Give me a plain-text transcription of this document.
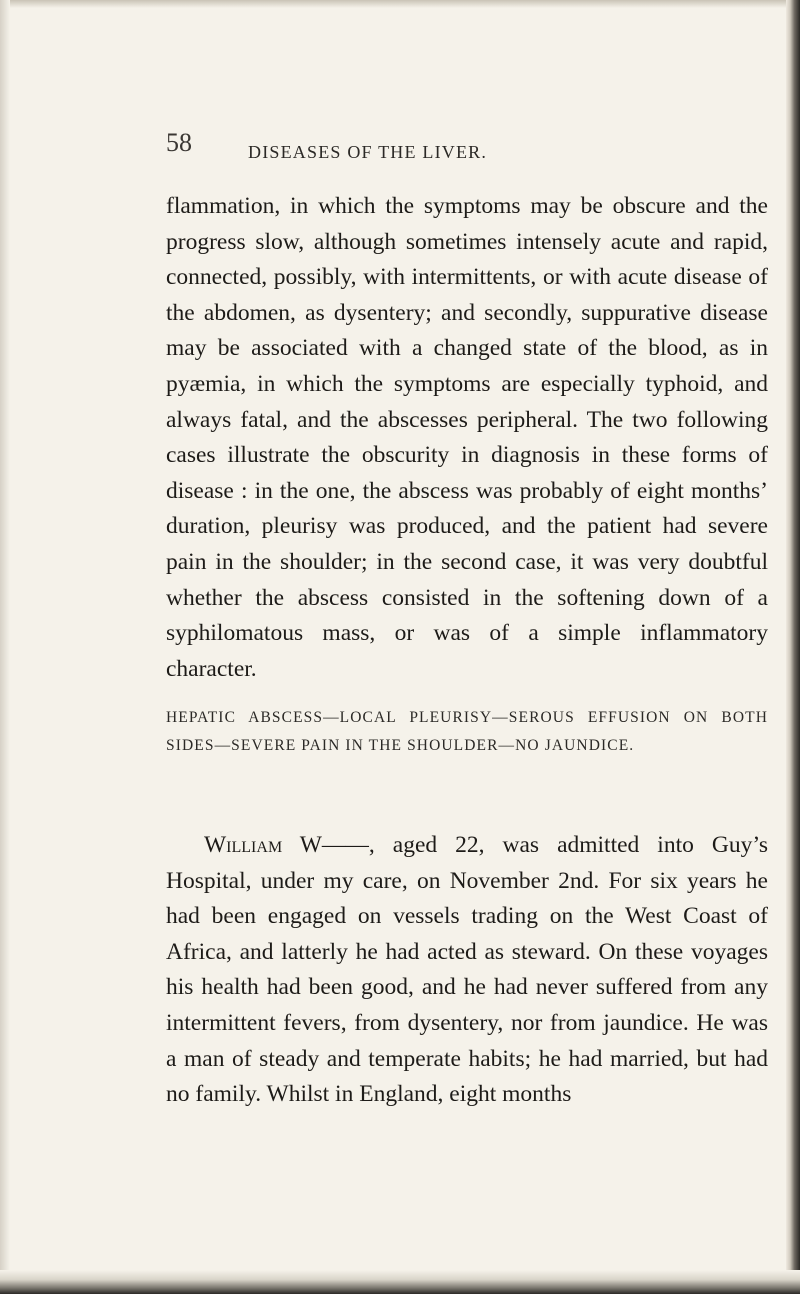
58	DISEASES OF THE LIVER.

flammation, in which the symptoms may be obscure and the progress slow, although sometimes intensely acute and rapid, connected, possibly, with intermittents, or with acute disease of the abdomen, as dysentery; and secondly, suppurative disease may be associated with a changed state of the blood, as in pyæmia, in which the symptoms are especially typhoid, and always fatal, and the abscesses peripheral. The two following cases illustrate the obscurity in diagnosis in these forms of disease : in the one, the abscess was probably of eight months’ duration, pleurisy was produced, and the patient had severe pain in the shoulder; in the second case, it was very doubtful whether the abscess consisted in the softening down of a syphilomatous mass, or was of a simple inflammatory character.

HEPATIC ABSCESS—LOCAL PLEURISY—SEROUS EFFUSION ON BOTH SIDES—SEVERE PAIN IN THE SHOULDER—NO JAUNDICE.

William W——, aged 22, was admitted into Guy’s Hospital, under my care, on November 2nd. For six years he had been engaged on vessels trading on the West Coast of Africa, and latterly he had acted as steward. On these voyages his health had been good, and he had never suffered from any intermittent fevers, from dysentery, nor from jaundice. He was a man of steady and temperate habits; he had married, but had no family. Whilst in England, eight months
